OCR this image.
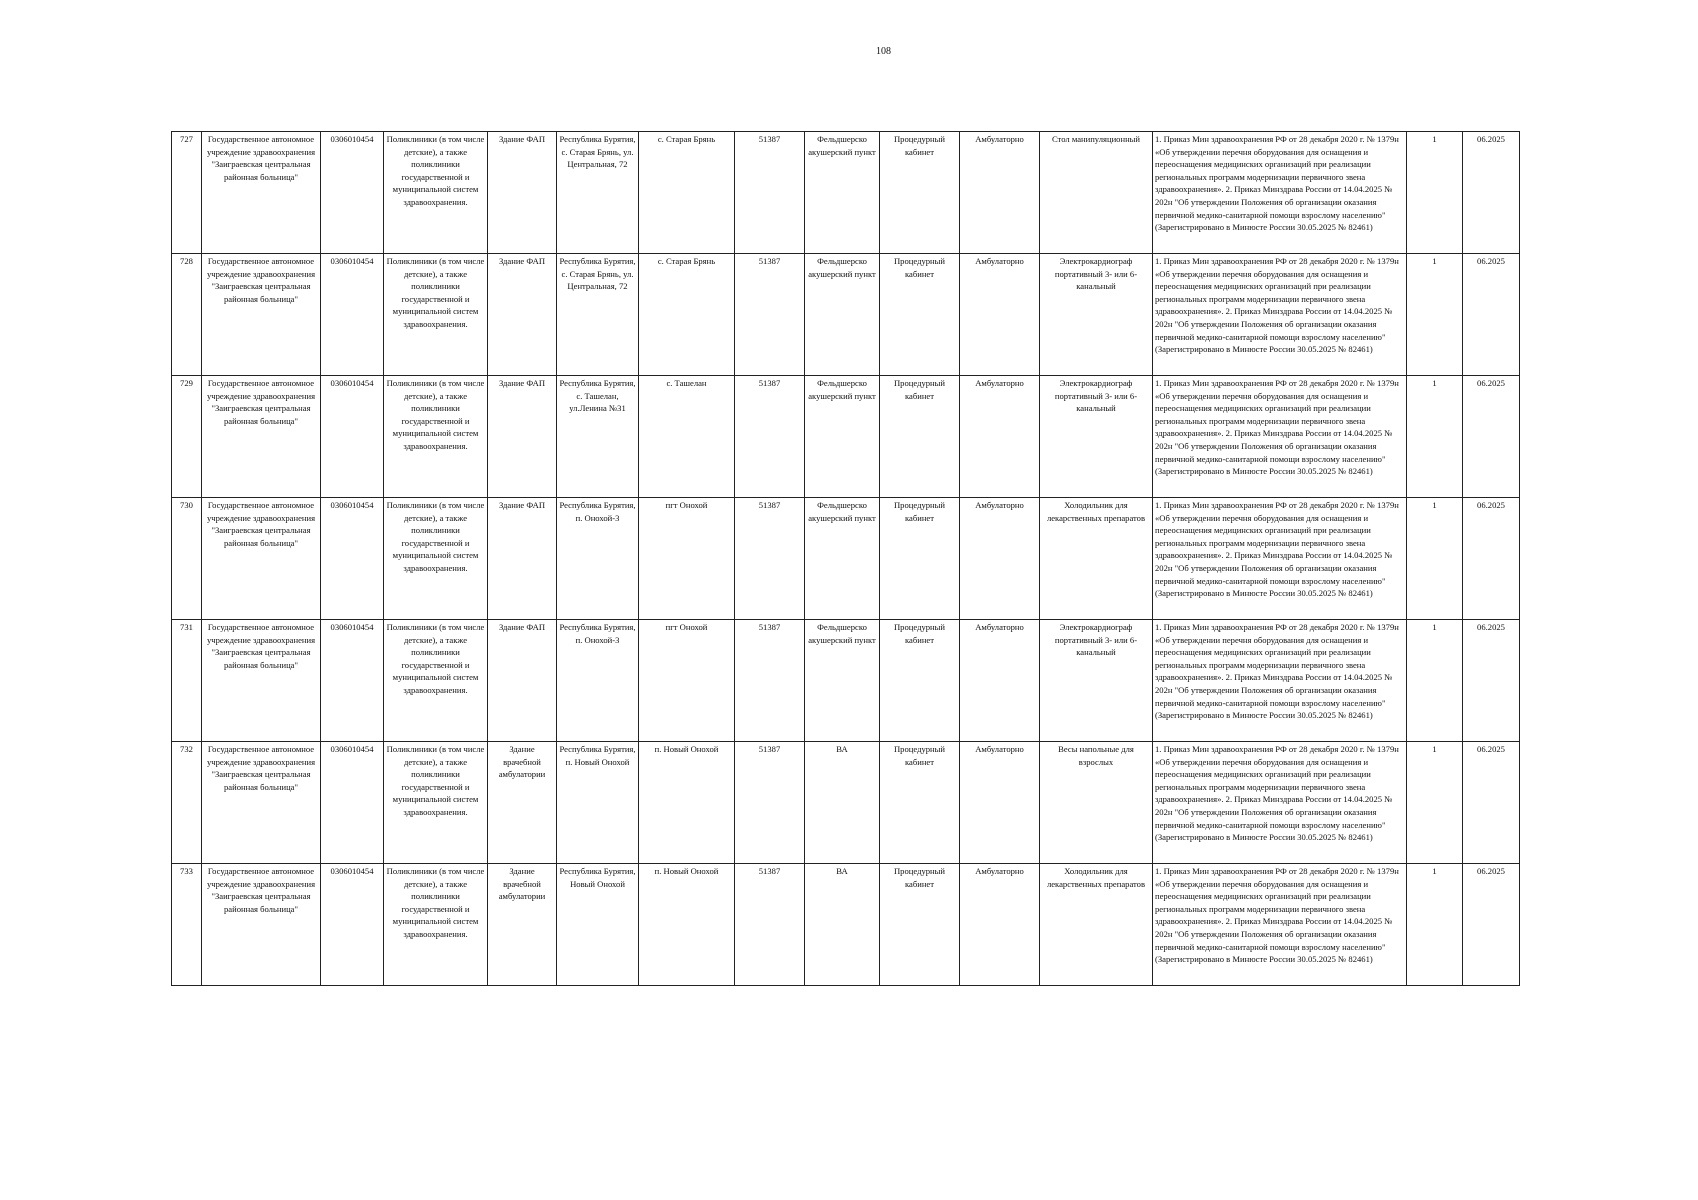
108
727	Государственное автономное учреждение здравоохранения "Заиграевская центральная районная больница"	0306010454	Поликлиники (в том числе детские), а также поликлиники государственной и муниципальной систем здравоохранения.	Здание ФАП	Республика Бурятия, с. Старая Брянь, ул. Центральная, 72	с. Старая Брянь	51387	Фельдшерско акушерский пункт	Процедурный кабинет	Амбулаторно	Стол манипуляционный	1. Приказ Мин здравоохранения РФ от 28 декабря 2020 г. № 1379н «Об утверждении перечня оборудования для оснащения и переоснащения медицинских организаций при реализации региональных программ модернизации первичного звена здравоохранения». 2. Приказ Минздрава России от 14.04.2025 № 202н "Об утверждении Положения об организации оказания первичной медико-санитарной помощи взрослому населению" (Зарегистрировано в Минюсте России 30.05.2025 № 82461)	1	06.2025
728	Государственное автономное учреждение здравоохранения "Заиграевская центральная районная больница"	0306010454	Поликлиники (в том числе детские), а также поликлиники государственной и муниципальной систем здравоохранения.	Здание ФАП	Республика Бурятия, с. Старая Брянь, ул. Центральная, 72	с. Старая Брянь	51387	Фельдшерско акушерский пункт	Процедурный кабинет	Амбулаторно	Электрокардиограф портативный 3- или 6-канальный	1. Приказ Мин здравоохранения РФ от 28 декабря 2020 г. № 1379н «Об утверждении перечня оборудования для оснащения и переоснащения медицинских организаций при реализации региональных программ модернизации первичного звена здравоохранения». 2. Приказ Минздрава России от 14.04.2025 № 202н "Об утверждении Положения об организации оказания первичной медико-санитарной помощи взрослому населению" (Зарегистрировано в Минюсте России 30.05.2025 № 82461)	1	06.2025
729	Государственное автономное учреждение здравоохранения "Заиграевская центральная районная больница"	0306010454	Поликлиники (в том числе детские), а также поликлиники государственной и муниципальной систем здравоохранения.	Здание ФАП	Республика Бурятия, с. Ташелан, ул.Ленина №31	с. Ташелан	51387	Фельдшерско акушерский пункт	Процедурный кабинет	Амбулаторно	Электрокардиограф портативный 3- или 6-канальный	1. Приказ Мин здравоохранения РФ от 28 декабря 2020 г. № 1379н «Об утверждении перечня оборудования для оснащения и переоснащения медицинских организаций при реализации региональных программ модернизации первичного звена здравоохранения». 2. Приказ Минздрава России от 14.04.2025 № 202н "Об утверждении Положения об организации оказания первичной медико-санитарной помощи взрослому населению" (Зарегистрировано в Минюсте России 30.05.2025 № 82461)	1	06.2025
730	Государственное автономное учреждение здравоохранения "Заиграевская центральная районная больница"	0306010454	Поликлиники (в том числе детские), а также поликлиники государственной и муниципальной систем здравоохранения.	Здание ФАП	Республика Бурятия, п. Онохой-3	пгт Онохой	51387	Фельдшерско акушерский пункт	Процедурный кабинет	Амбулаторно	Холодильник для лекарственных препаратов	1. Приказ Мин здравоохранения РФ от 28 декабря 2020 г. № 1379н «Об утверждении перечня оборудования для оснащения и переоснащения медицинских организаций при реализации региональных программ модернизации первичного звена здравоохранения». 2. Приказ Минздрава России от 14.04.2025 № 202н "Об утверждении Положения об организации оказания первичной медико-санитарной помощи взрослому населению" (Зарегистрировано в Минюсте России 30.05.2025 № 82461)	1	06.2025
731	Государственное автономное учреждение здравоохранения "Заиграевская центральная районная больница"	0306010454	Поликлиники (в том числе детские), а также поликлиники государственной и муниципальной систем здравоохранения.	Здание ФАП	Республика Бурятия, п. Онохой-3	пгт Онохой	51387	Фельдшерско акушерский пункт	Процедурный кабинет	Амбулаторно	Электрокардиограф портативный 3- или 6-канальный	1. Приказ Мин здравоохранения РФ от 28 декабря 2020 г. № 1379н «Об утверждении перечня оборудования для оснащения и переоснащения медицинских организаций при реализации региональных программ модернизации первичного звена здравоохранения». 2. Приказ Минздрава России от 14.04.2025 № 202н "Об утверждении Положения об организации оказания первичной медико-санитарной помощи взрослому населению" (Зарегистрировано в Минюсте России 30.05.2025 № 82461)	1	06.2025
732	Государственное автономное учреждение здравоохранения "Заиграевская центральная районная больница"	0306010454	Поликлиники (в том числе детские), а также поликлиники государственной и муниципальной систем здравоохранения.	Здание врачебной амбулатории	Республика Бурятия, п. Новый Онохой	п. Новый Онохой	51387	ВА	Процедурный кабинет	Амбулаторно	Весы напольные для взрослых	1. Приказ Мин здравоохранения РФ от 28 декабря 2020 г. № 1379н «Об утверждении перечня оборудования для оснащения и переоснащения медицинских организаций при реализации региональных программ модернизации первичного звена здравоохранения». 2. Приказ Минздрава России от 14.04.2025 № 202н "Об утверждении Положения об организации оказания первичной медико-санитарной помощи взрослому населению" (Зарегистрировано в Минюсте России 30.05.2025 № 82461)	1	06.2025
733	Государственное автономное учреждение здравоохранения "Заиграевская центральная районная больница"	0306010454	Поликлиники (в том числе детские), а также поликлиники государственной и муниципальной систем здравоохранения.	Здание врачебной амбулатории	Республика Бурятия, Новый Онохой	п. Новый Онохой	51387	ВА	Процедурный кабинет	Амбулаторно	Холодильник для лекарственных препаратов	1. Приказ Мин здравоохранения РФ от 28 декабря 2020 г. № 1379н «Об утверждении перечня оборудования для оснащения и переоснащения медицинских организаций при реализации региональных программ модернизации первичного звена здравоохранения». 2. Приказ Минздрава России от 14.04.2025 № 202н "Об утверждении Положения об организации оказания первичной медико-санитарной помощи взрослому населению" (Зарегистрировано в Минюсте России 30.05.2025 № 82461)	1	06.2025
